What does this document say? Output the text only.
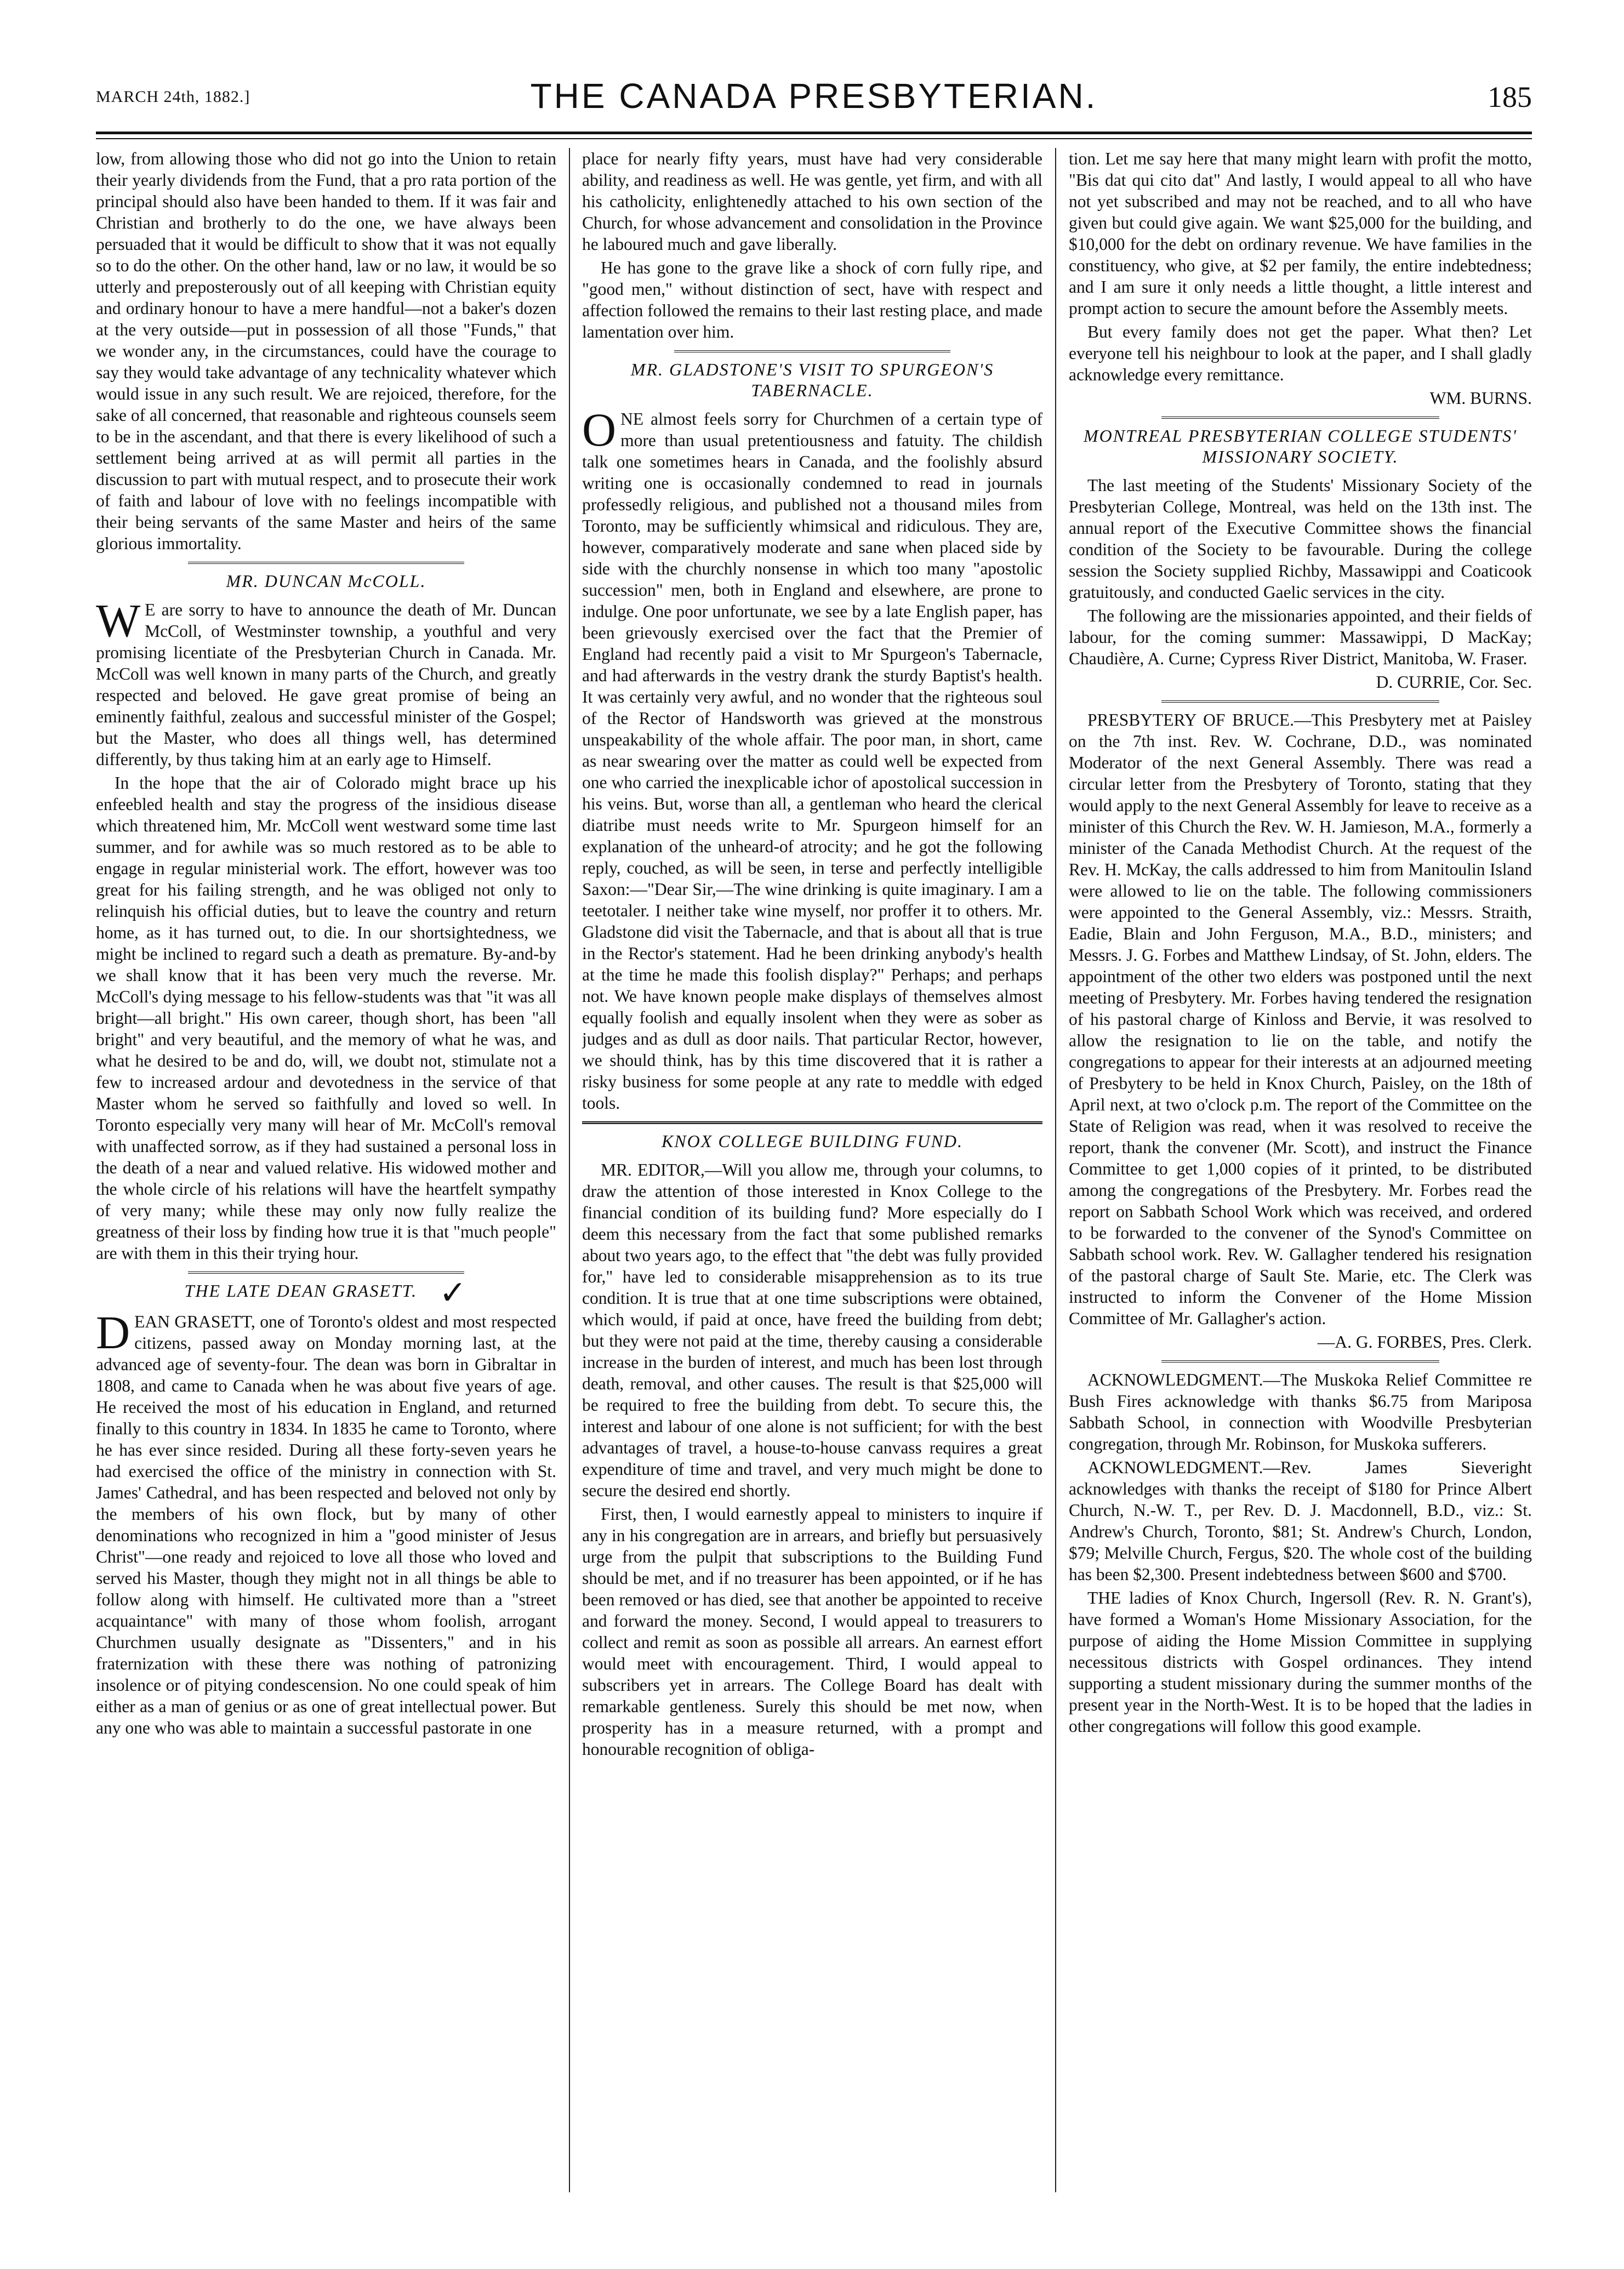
MARCH 24th, 1882.]	THE CANADA PRESBYTERIAN.	185

low, from allowing those who did not go into the Union to retain their yearly dividends from the Fund, that a pro rata portion of the principal should also have been handed to them. If it was fair and Christian and brotherly to do the one, we have always been persuaded that it would be difficult to show that it was not equally so to do the other. On the other hand, law or no law, it would be so utterly and preposterously out of all keeping with Christian equity and ordinary honour to have a mere handful—not a baker's dozen at the very outside—put in possession of all those "Funds," that we wonder any, in the circumstances, could have the courage to say they would take advantage of any technicality whatever which would issue in any such result. We are rejoiced, therefore, for the sake of all concerned, that reasonable and righteous counsels seem to be in the ascendant, and that there is every likelihood of such a settlement being arrived at as will permit all parties in the discussion to part with mutual respect, and to prosecute their work of faith and labour of love with no feelings incompatible with their being servants of the same Master and heirs of the same glorious immortality.

MR. DUNCAN McCOLL.

W E are sorry to have to announce the death of Mr. Duncan McColl, of Westminster township, a youthful and very promising licentiate of the Presbyterian Church in Canada. Mr. McColl was well known in many parts of the Church, and greatly respected and beloved. He gave great promise of being an eminently faithful, zealous and successful minister of the Gospel; but the Master, who does all things well, has determined differently, by thus taking him at an early age to Himself.

In the hope that the air of Colorado might brace up his enfeebled health and stay the progress of the insidious disease which threatened him, Mr. McColl went westward some time last summer, and for awhile was so much restored as to be able to engage in regular ministerial work. The effort, however was too great for his failing strength, and he was obliged not only to relinquish his official duties, but to leave the country and return home, as it has turned out, to die. In our shortsightedness, we might be inclined to regard such a death as premature. By-and-by we shall know that it has been very much the reverse. Mr. McColl's dying message to his fellow-students was that "it was all bright—all bright." His own career, though short, has been "all bright" and very beautiful, and the memory of what he was, and what he desired to be and do, will, we doubt not, stimulate not a few to increased ardour and devotedness in the service of that Master whom he served so faithfully and loved so well. In Toronto especially very many will hear of Mr. McColl's removal with unaffected sorrow, as if they had sustained a personal loss in the death of a near and valued relative. His widowed mother and the whole circle of his relations will have the heartfelt sympathy of very many; while these may only now fully realize the greatness of their loss by finding how true it is that "much people" are with them in this their trying hour.

THE LATE DEAN GRASETT. ✓

DEAN GRASETT, one of Toronto's oldest and most respected citizens, passed away on Monday morning last, at the advanced age of seventy-four. The dean was born in Gibraltar in 1808, and came to Canada when he was about five years of age. He received the most of his education in England, and returned finally to this country in 1834. In 1835 he came to Toronto, where he has ever since resided. During all these forty-seven years he had exercised the office of the ministry in connection with St. James' Cathedral, and has been respected and beloved not only by the members of his own flock, but by many of other denominations who recognized in him a "good minister of Jesus Christ"—one ready and rejoiced to love all those who loved and served his Master, though they might not in all things be able to follow along with himself. He cultivated more than a "street acquaintance" with many of those whom foolish, arrogant Churchmen usually designate as "Dissenters," and in his fraternization with these there was nothing of patronizing insolence or of pitying condescension. No one could speak of him either as a man of genius or as one of great intellectual power. But any one who was able to maintain a successful pastorate in one

place for nearly fifty years, must have had very considerable ability, and readiness as well. He was gentle, yet firm, and with all his catholicity, enlightenedly attached to his own section of the Church, for whose advancement and consolidation in the Province he laboured much and gave liberally.

He has gone to the grave like a shock of corn fully ripe, and "good men," without distinction of sect, have with respect and affection followed the remains to their last resting place, and made lamentation over him.

MR. GLADSTONE'S VISIT TO SPURGEON'S TABERNACLE.

ONE almost feels sorry for Churchmen of a certain type of more than usual pretentiousness and fatuity. The childish talk one sometimes hears in Canada, and the foolishly absurd writing one is occasionally condemned to read in journals professedly religious, and published not a thousand miles from Toronto, may be sufficiently whimsical and ridiculous. They are, however, comparatively moderate and sane when placed side by side with the churchly nonsense in which too many "apostolic succession" men, both in England and elsewhere, are prone to indulge. One poor unfortunate, we see by a late English paper, has been grievously exercised over the fact that the Premier of England had recently paid a visit to Mr Spurgeon's Tabernacle, and had afterwards in the vestry drank the sturdy Baptist's health. It was certainly very awful, and no wonder that the righteous soul of the Rector of Handsworth was grieved at the monstrous unspeakability of the whole affair. The poor man, in short, came as near swearing over the matter as could well be expected from one who carried the inexplicable ichor of apostolical succession in his veins. But, worse than all, a gentleman who heard the clerical diatribe must needs write to Mr. Spurgeon himself for an explanation of the unheard-of atrocity; and he got the following reply, couched, as will be seen, in terse and perfectly intelligible Saxon:—"Dear Sir,—The wine drinking is quite imaginary. I am a teetotaler. I neither take wine myself, nor proffer it to others. Mr. Gladstone did visit the Tabernacle, and that is about all that is true in the Rector's statement. Had he been drinking anybody's health at the time he made this foolish display?" Perhaps; and perhaps not. We have known people make displays of themselves almost equally foolish and equally insolent when they were as sober as judges and as dull as door nails. That particular Rector, however, we should think, has by this time discovered that it is rather a risky business for some people at any rate to meddle with edged tools.

KNOX COLLEGE BUILDING FUND.

MR. EDITOR,—Will you allow me, through your columns, to draw the attention of those interested in Knox College to the financial condition of its building fund? More especially do I deem this necessary from the fact that some published remarks about two years ago, to the effect that "the debt was fully provided for," have led to considerable misapprehension as to its true condition. It is true that at one time subscriptions were obtained, which would, if paid at once, have freed the building from debt; but they were not paid at the time, thereby causing a considerable increase in the burden of interest, and much has been lost through death, removal, and other causes. The result is that $25,000 will be required to free the building from debt. To secure this, the interest and labour of one alone is not sufficient; for with the best advantages of travel, a house-to-house canvass requires a great expenditure of time and travel, and very much might be done to secure the desired end shortly.

First, then, I would earnestly appeal to ministers to inquire if any in his congregation are in arrears, and briefly but persuasively urge from the pulpit that subscriptions to the Building Fund should be met, and if no treasurer has been appointed, or if he has been removed or has died, see that another be appointed to receive and forward the money. Second, I would appeal to treasurers to collect and remit as soon as possible all arrears. An earnest effort would meet with encouragement. Third, I would appeal to subscribers yet in arrears. The College Board has dealt with remarkable gentleness. Surely this should be met now, when prosperity has in a measure returned, with a prompt and honourable recognition of obliga-

tion. Let me say here that many might learn with profit the motto, "Bis dat qui cito dat" And lastly, I would appeal to all who have not yet subscribed and may not be reached, and to all who have given but could give again. We want $25,000 for the building, and $10,000 for the debt on ordinary revenue. We have families in the constituency, who give, at $2 per family, the entire indebtedness; and I am sure it only needs a little thought, a little interest and prompt action to secure the amount before the Assembly meets.

But every family does not get the paper. What then? Let everyone tell his neighbour to look at the paper, and I shall gladly acknowledge every remittance.

WM. BURNS.

MONTREAL PRESBYTERIAN COLLEGE STUDENTS' MISSIONARY SOCIETY.

The last meeting of the Students' Missionary Society of the Presbyterian College, Montreal, was held on the 13th inst. The annual report of the Executive Committee shows the financial condition of the Society to be favourable. During the college session the Society supplied Richby, Massawippi and Coaticook gratuitously, and conducted Gaelic services in the city.

The following are the missionaries appointed, and their fields of labour, for the coming summer: Massawippi, D MacKay; Chaudière, A. Curne; Cypress River District, Manitoba, W. Fraser.

D. CURRIE, Cor. Sec.

PRESBYTERY OF BRUCE.—This Presbytery met at Paisley on the 7th inst. Rev. W. Cochrane, D.D., was nominated Moderator of the next General Assembly. There was read a circular letter from the Presbytery of Toronto, stating that they would apply to the next General Assembly for leave to receive as a minister of this Church the Rev. W. H. Jamieson, M.A., formerly a minister of the Canada Methodist Church. At the request of the Rev. H. McKay, the calls addressed to him from Manitoulin Island were allowed to lie on the table. The following commissioners were appointed to the General Assembly, viz.: Messrs. Straith, Eadie, Blain and John Ferguson, M.A., B.D., ministers; and Messrs. J. G. Forbes and Matthew Lindsay, of St. John, elders. The appointment of the other two elders was postponed until the next meeting of Presbytery. Mr. Forbes having tendered the resignation of his pastoral charge of Kinloss and Bervie, it was resolved to allow the resignation to lie on the table, and notify the congregations to appear for their interests at an adjourned meeting of Presbytery to be held in Knox Church, Paisley, on the 18th of April next, at two o'clock p.m. The report of the Committee on the State of Religion was read, when it was resolved to receive the report, thank the convener (Mr. Scott), and instruct the Finance Committee to get 1,000 copies of it printed, to be distributed among the congregations of the Presbytery. Mr. Forbes read the report on Sabbath School Work which was received, and ordered to be forwarded to the convener of the Synod's Committee on Sabbath school work. Rev. W. Gallagher tendered his resignation of the pastoral charge of Sault Ste. Marie, etc. The Clerk was instructed to inform the Convener of the Home Mission Committee of Mr. Gallagher's action.

—A. G. FORBES, Pres. Clerk.

ACKNOWLEDGMENT.—The Muskoka Relief Committee re Bush Fires acknowledge with thanks $6.75 from Mariposa Sabbath School, in connection with Woodville Presbyterian congregation, through Mr. Robinson, for Muskoka sufferers.

ACKNOWLEDGMENT.—Rev. James Sieveright acknowledges with thanks the receipt of $180 for Prince Albert Church, N.-W. T., per Rev. D. J. Macdonnell, B.D., viz.: St. Andrew's Church, Toronto, $81; St. Andrew's Church, London, $79; Melville Church, Fergus, $20. The whole cost of the building has been $2,300. Present indebtedness between $600 and $700.

THE ladies of Knox Church, Ingersoll (Rev. R. N. Grant's), have formed a Woman's Home Missionary Association, for the purpose of aiding the Home Mission Committee in supplying necessitous districts with Gospel ordinances. They intend supporting a student missionary during the summer months of the present year in the North-West. It is to be hoped that the ladies in other congregations will follow this good example.
